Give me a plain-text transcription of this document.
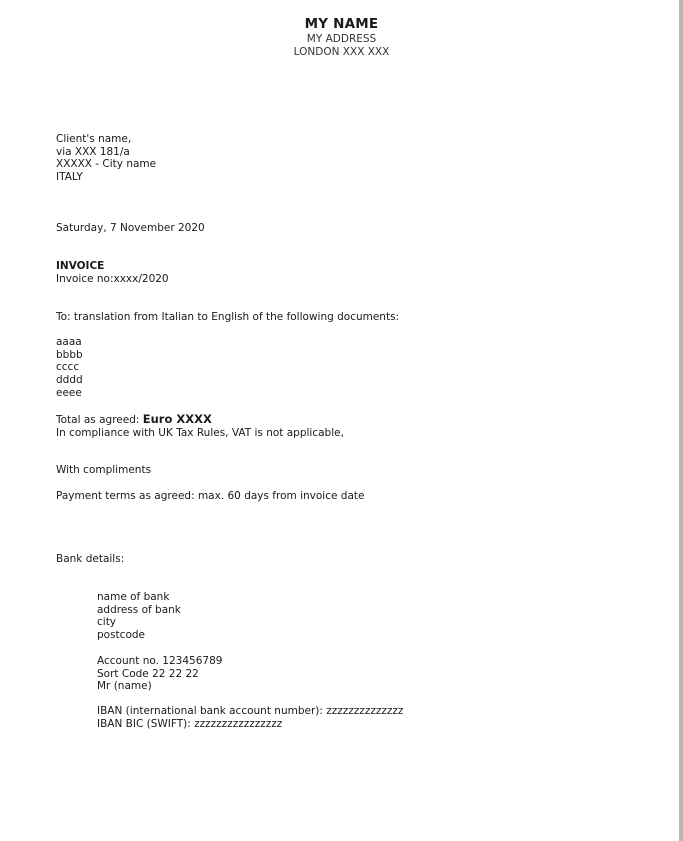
MY NAME
MY ADDRESS
LONDON XXX XXX
Client's name,
via XXX 181/a
XXXXX - City name
ITALY
Saturday, 7 November 2020
INVOICE
Invoice no:xxxx/2020
To: translation from Italian to English of the following documents:
aaaa
bbbb
cccc
dddd
eeee
Total as agreed: Euro XXXX
In compliance with UK Tax Rules, VAT is not applicable,
With compliments
Payment terms as agreed: max. 60 days from invoice date
Bank details:
name of bank
address of bank
city
postcode
Account no. 123456789
Sort Code 22 22 22
Mr (name)
IBAN (international bank account number): zzzzzzzzzzzzzz
IBAN BIC (SWIFT): zzzzzzzzzzzzzzzz
